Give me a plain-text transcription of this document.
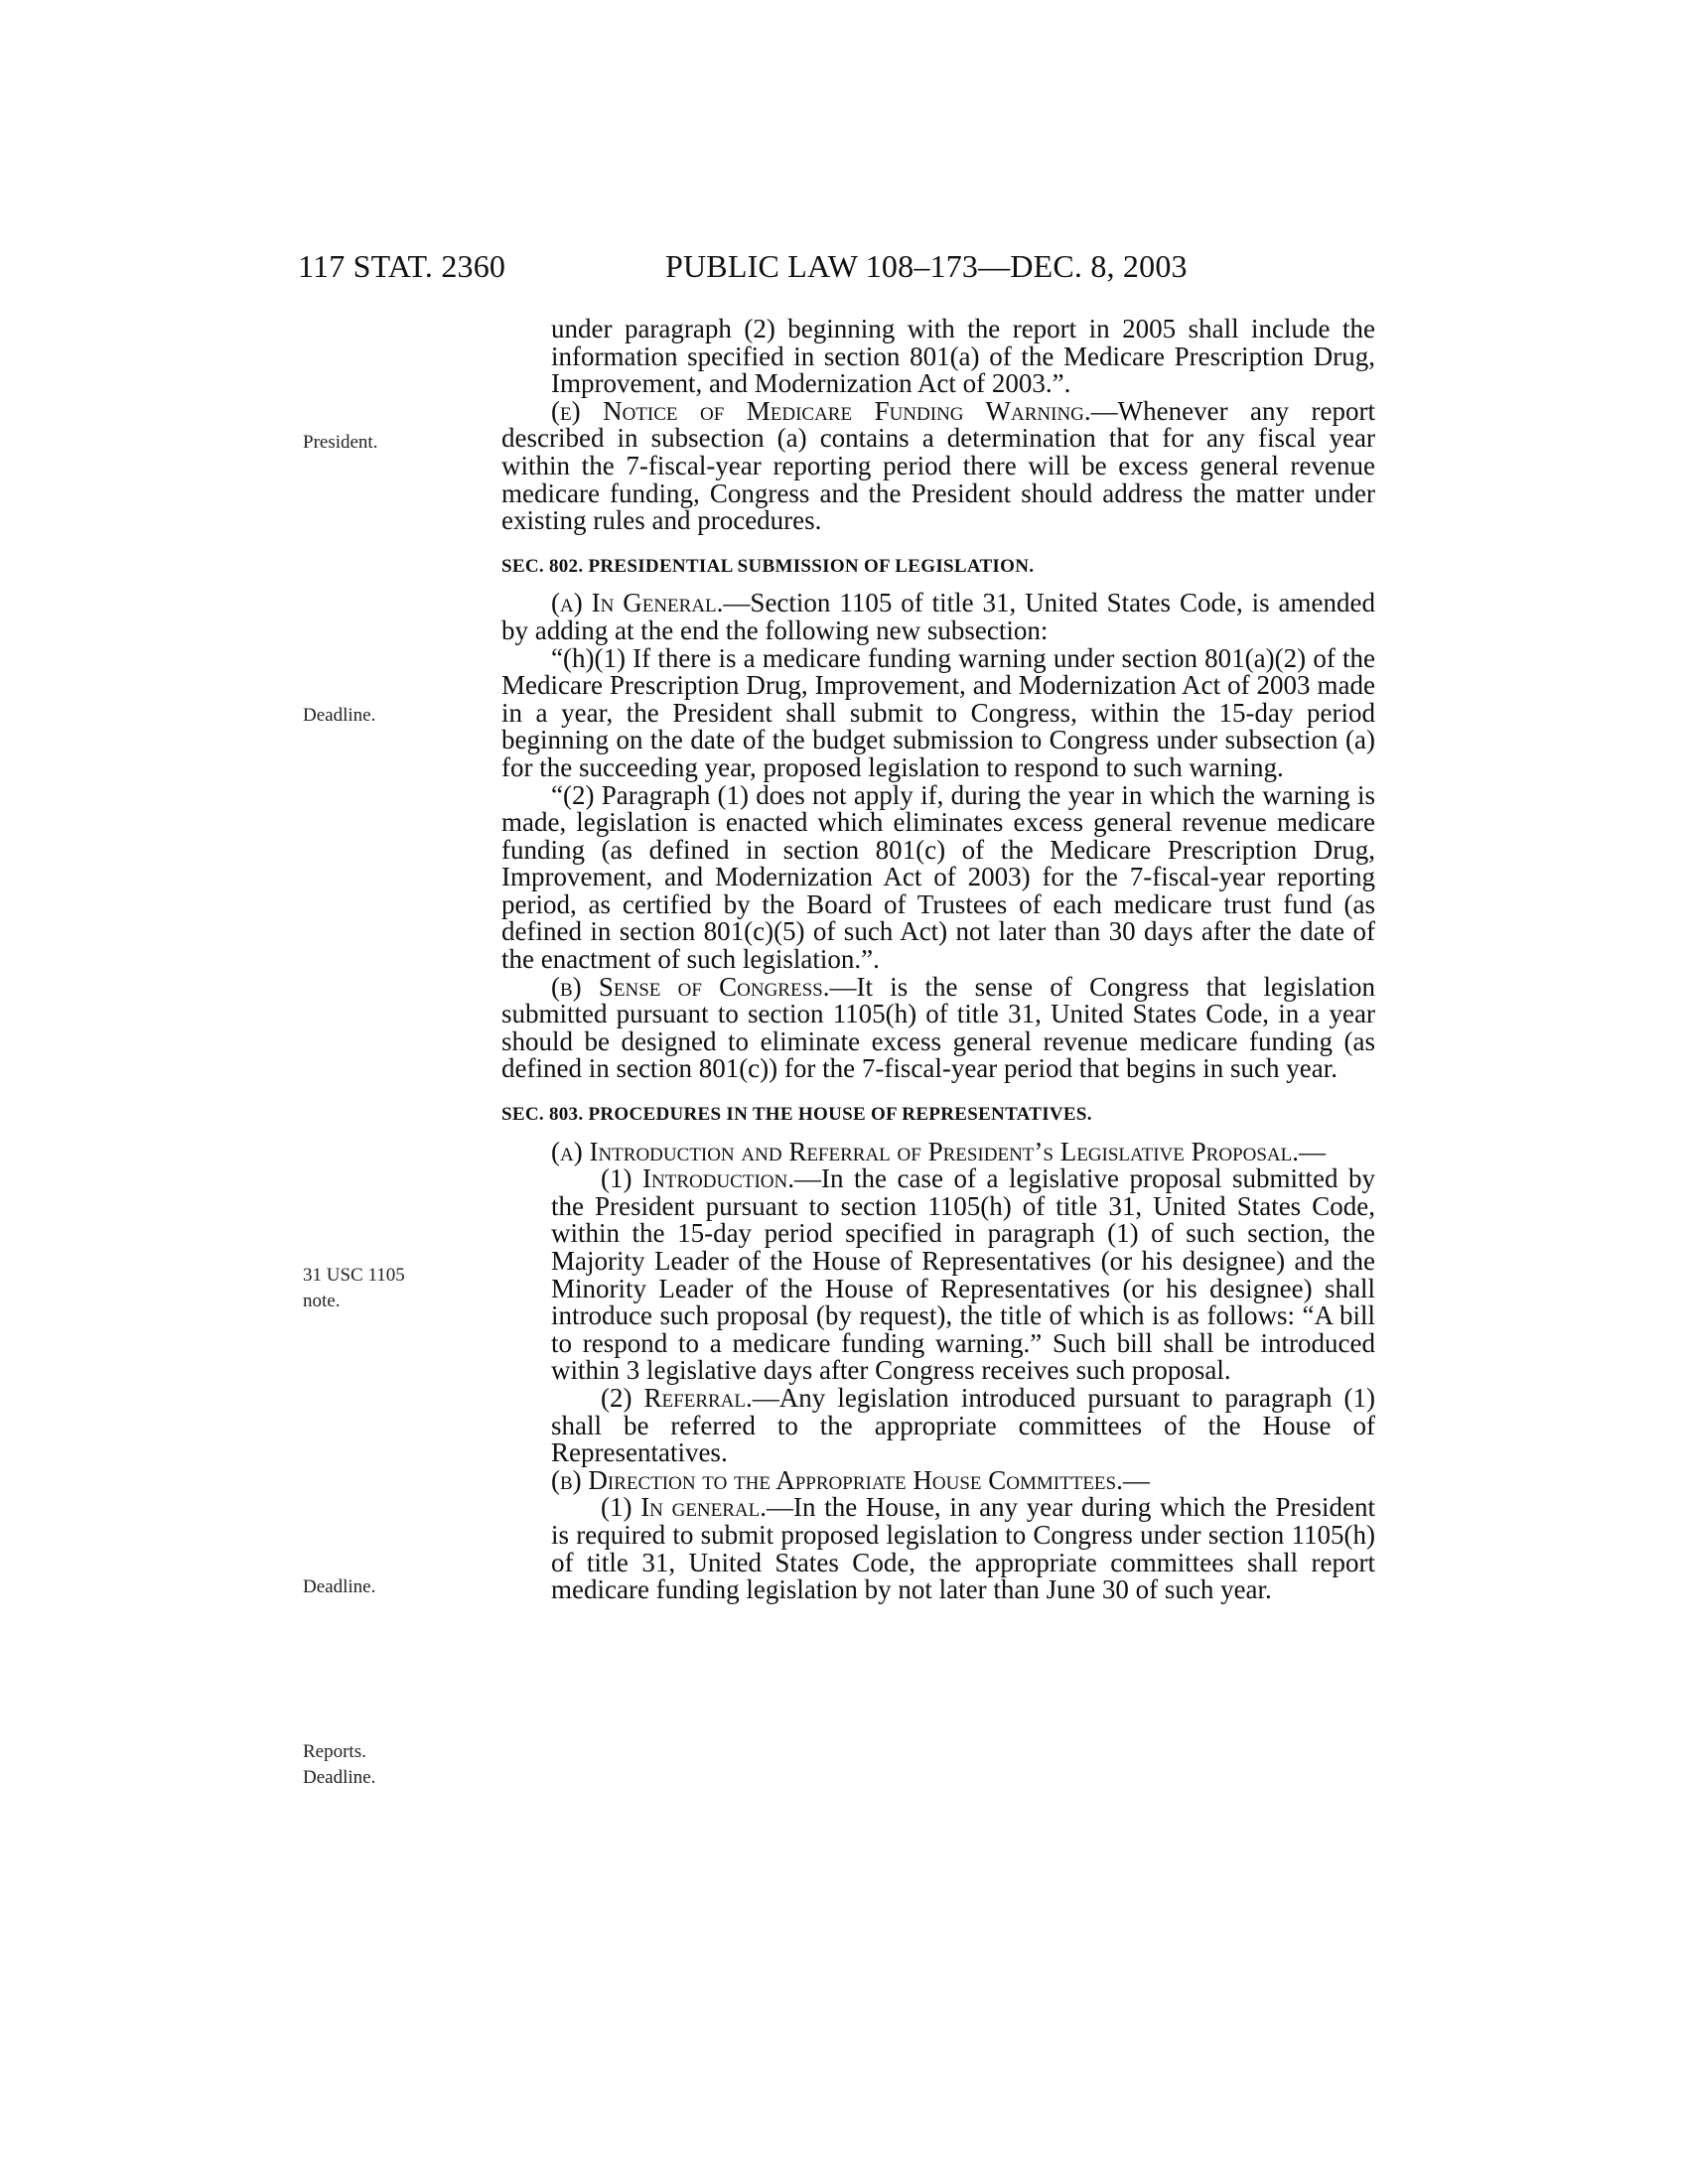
117 STAT. 2360	PUBLIC LAW 108–173—DEC. 8, 2003
President.
Deadline.
31 USC 1105
note.
Deadline.
Reports.
Deadline.

under paragraph (2) beginning with the report in 2005 shall include the information specified in section 801(a) of the Medicare Prescription Drug, Improvement, and Modernization Act of 2003.”.

(e) Notice of Medicare Funding Warning.—Whenever any report described in subsection (a) contains a determination that for any fiscal year within the 7-fiscal-year reporting period there will be excess general revenue medicare funding, Congress and the President should address the matter under existing rules and procedures.

SEC. 802. PRESIDENTIAL SUBMISSION OF LEGISLATION.

(a) In General.—Section 1105 of title 31, United States Code, is amended by adding at the end the following new subsection:

“(h)(1) If there is a medicare funding warning under section 801(a)(2) of the Medicare Prescription Drug, Improvement, and Modernization Act of 2003 made in a year, the President shall submit to Congress, within the 15-day period beginning on the date of the budget submission to Congress under subsection (a) for the succeeding year, proposed legislation to respond to such warning.

“(2) Paragraph (1) does not apply if, during the year in which the warning is made, legislation is enacted which eliminates excess general revenue medicare funding (as defined in section 801(c) of the Medicare Prescription Drug, Improvement, and Modernization Act of 2003) for the 7-fiscal-year reporting period, as certified by the Board of Trustees of each medicare trust fund (as defined in section 801(c)(5) of such Act) not later than 30 days after the date of the enactment of such legislation.”.

(b) Sense of Congress.—It is the sense of Congress that legislation submitted pursuant to section 1105(h) of title 31, United States Code, in a year should be designed to eliminate excess general revenue medicare funding (as defined in section 801(c)) for the 7-fiscal-year period that begins in such year.

SEC. 803. PROCEDURES IN THE HOUSE OF REPRESENTATIVES.

(a) Introduction and Referral of President’s Legislative Proposal.—

(1) Introduction.—In the case of a legislative proposal submitted by the President pursuant to section 1105(h) of title 31, United States Code, within the 15-day period specified in paragraph (1) of such section, the Majority Leader of the House of Representatives (or his designee) and the Minority Leader of the House of Representatives (or his designee) shall introduce such proposal (by request), the title of which is as follows: “A bill to respond to a medicare funding warning.” Such bill shall be introduced within 3 legislative days after Congress receives such proposal.

(2) Referral.—Any legislation introduced pursuant to paragraph (1) shall be referred to the appropriate committees of the House of Representatives.

(b) Direction to the Appropriate House Committees.—

(1) In general.—In the House, in any year during which the President is required to submit proposed legislation to Congress under section 1105(h) of title 31, United States Code, the appropriate committees shall report medicare funding legislation by not later than June 30 of such year.
